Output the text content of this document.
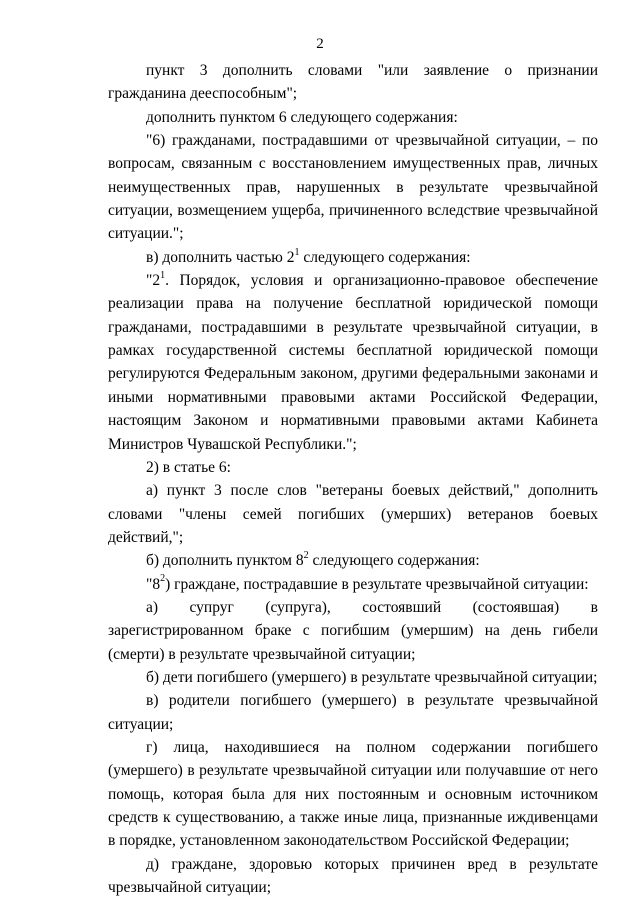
2

пункт 3 дополнить словами "или заявление о признании гражданина дееспособным";

дополнить пунктом 6 следующего содержания:

"6) гражданами, пострадавшими от чрезвычайной ситуации, – по вопросам, связанным с восстановлением имущественных прав, личных неимущественных прав, нарушенных в результате чрезвычайной ситуации, возмещением ущерба, причиненного вследствие чрезвычайной ситуации.";

в) дополнить частью $2^1$ следующего содержания:

"$2^1$. Порядок, условия и организационно-правовое обеспечение реализации права на получение бесплатной юридической помощи гражданами, пострадавшими в результате чрезвычайной ситуации, в рамках государственной системы бесплатной юридической помощи регулируются Федеральным законом, другими федеральными законами и иными нормативными правовыми актами Российской Федерации, настоящим Законом и нормативными правовыми актами Кабинета Министров Чувашской Республики.";

2) в статье 6:

а) пункт 3 после слов "ветераны боевых действий," дополнить словами "члены семей погибших (умерших) ветеранов боевых действий,";

б) дополнить пунктом $8^2$ следующего содержания:

"$8^2$) граждане, пострадавшие в результате чрезвычайной ситуации:

а) супруг (супруга), состоявший (состоявшая) в зарегистрированном браке с погибшим (умершим) на день гибели (смерти) в результате чрезвычайной ситуации;

б) дети погибшего (умершего) в результате чрезвычайной ситуации;

в) родители погибшего (умершего) в результате чрезвычайной ситуации;

г) лица, находившиеся на полном содержании погибшего (умершего) в результате чрезвычайной ситуации или получавшие от него помощь, которая была для них постоянным и основным источником средств к существованию, а также иные лица, признанные иждивенцами в порядке, установленном законодательством Российской Федерации;

д) граждане, здоровью которых причинен вред в результате чрезвычайной ситуации;
